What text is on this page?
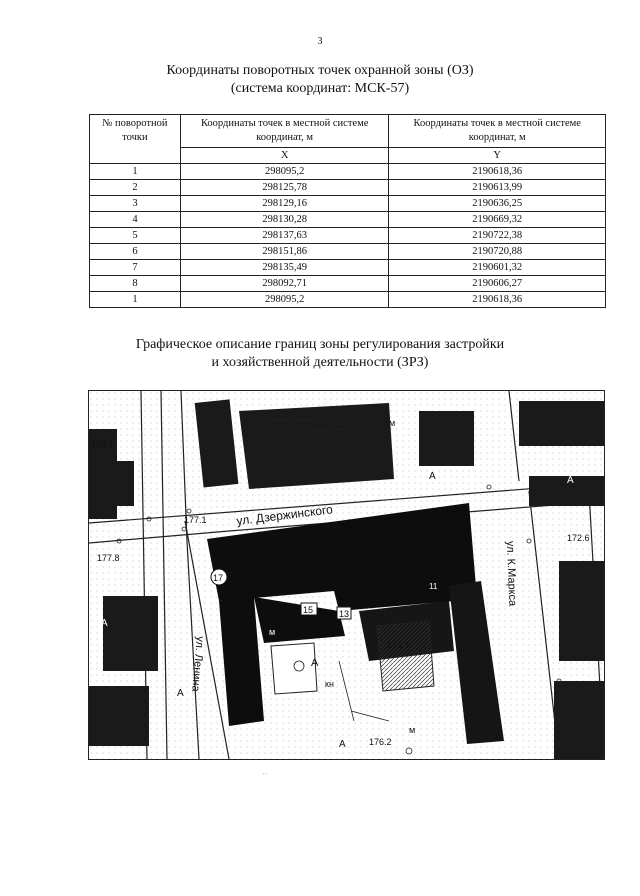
3
Координаты поворотных точек охранной зоны (ОЗ)
(система координат: МСК-57)
№ поворотной точки	Координаты точек в местной системе координат, м	Координаты точек в местной системе координат, м
	X	Y
1	298095,2	2190618,36
2	298125,78	2190613,99
3	298129,16	2190636,25
4	298130,28	2190669,32
5	298137,63	2190722,38
6	298151,86	2190720,88
7	298135,49	2190601,32
8	298092,71	2190606,27
1	298095,2	2190618,36
Графическое описание границ зоны регулирования застройки
и хозяйственной деятельности (ЗРЗ)
ул. Дзержинского
ул. Ленина
ул. К.Маркса
178.1
177.1
177.8
172.6
175.1
176.2
А
А	А
А
А
А
м
м
м
кн
17
15	13
11
··
